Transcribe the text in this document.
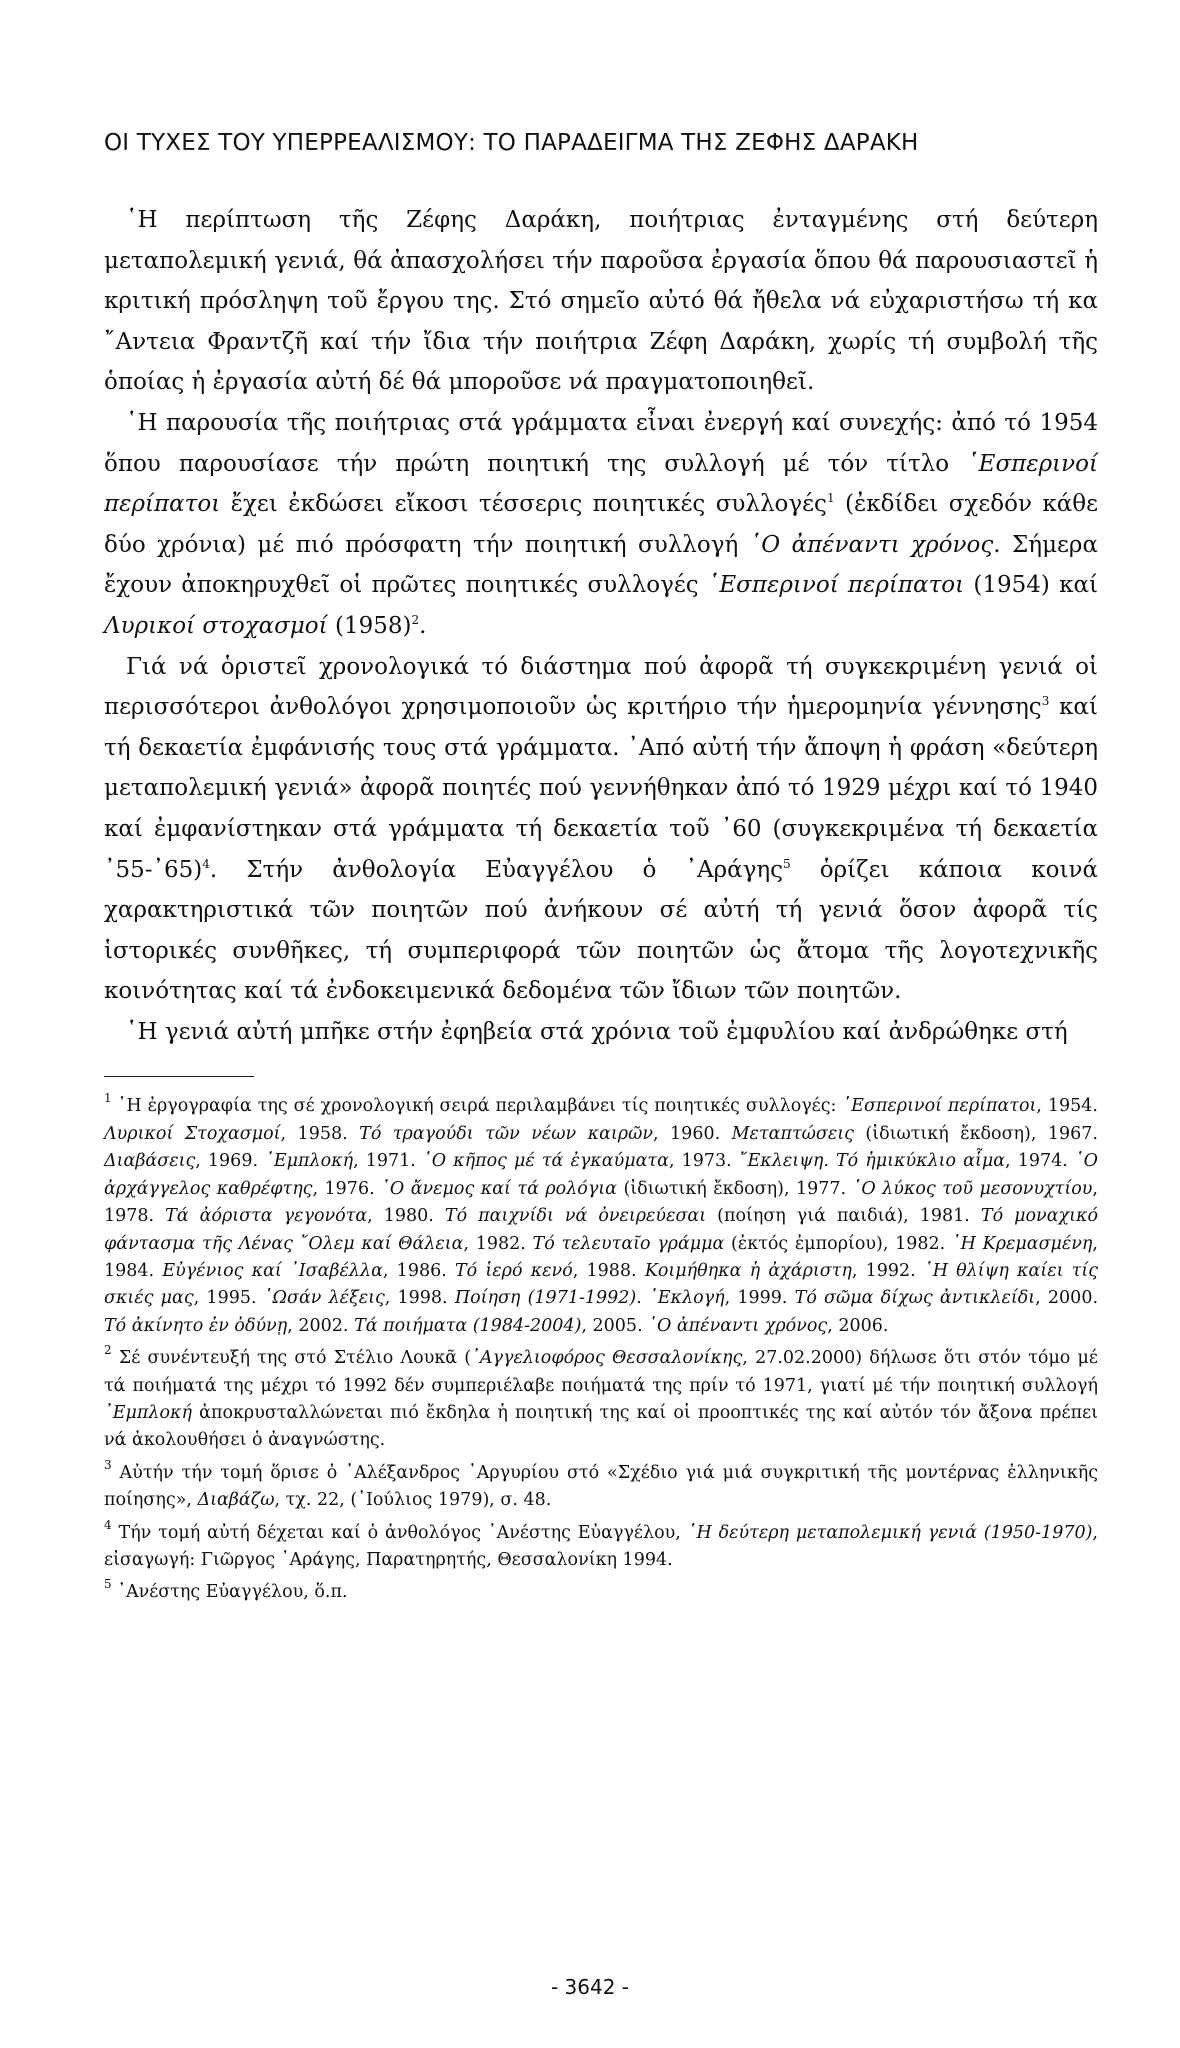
ΟΙ ΤΥΧΕΣ ΤΟΥ ΥΠΕΡΡΕΑΛΙΣΜΟΥ: ΤΟ ΠΑΡΑΔΕΙΓΜΑ ΤΗΣ ΖΕΦΗΣ ΔΑΡΑΚΗ

῾Η περίπτωση τῆς Ζέφης Δαράκη, ποιήτριας ἐνταγμένης στή δεύτερη μεταπολεμική γενιά, θά ἀπασχολήσει τήν παροῦσα ἐργασία ὅπου θά παρουσιαστεῖ ἡ κριτική πρόσληψη τοῦ ἔργου της. Στό σημεῖο αὐτό θά ἤθελα νά εὐχαριστήσω τή κα ῎Αντεια Φραντζῆ καί τήν ἴδια τήν ποιήτρια Ζέφη Δαράκη, χωρίς τή συμβολή τῆς ὁποίας ἡ ἐργασία αὐτή δέ θά μποροῦσε νά πραγματοποιηθεῖ.

῾Η παρουσία τῆς ποιήτριας στά γράμματα εἶναι ἐνεργή καί συνεχής: ἀπό τό 1954 ὅπου παρουσίασε τήν πρώτη ποιητική της συλλογή μέ τόν τίτλο ῾Εσπερινοί περίπατοι ἔχει ἐκδώσει εἴκοσι τέσσερις ποιητικές συλλογές$^1$ (ἐκδίδει σχεδόν κάθε δύο χρόνια) μέ πιό πρόσφατη τήν ποιητική συλλογή ῾Ο ἀπέναντι χρόνος. Σήμερα ἔχουν ἀποκηρυχθεῖ οἱ πρῶτες ποιητικές συλλογές ῾Εσπερινοί περίπατοι (1954) καί Λυρικοί στοχασμοί $(1958)^2$.

Γιά νά ὁριστεῖ χρονολογικά τό διάστημα πού ἀφορᾶ τή συγκεκριμένη γενιά οἱ περισσότεροι ἀνθολόγοι χρησιμοποιοῦν ὡς κριτήριο τήν ἡμερομηνία γέννησης$^3$ καί τή δεκαετία ἐμφάνισής τους στά γράμματα. ᾿Από αὐτή τήν ἄποψη ἡ φράση «δεύτερη μεταπολεμική γενιά» ἀφορᾶ ποιητές πού γεννήθηκαν ἀπό τό 1929 μέχρι καί τό 1940 καί ἐμφανίστηκαν στά γράμματα τή δεκαετία τοῦ ᾿60 (συγκεκριμένα τή δεκαετία ᾿55-᾿65)$^4$. Στήν ἀνθολογία Εὐαγγέλου ὁ ᾿Αράγης$^5$ ὁρίζει κάποια κοινά χαρακτηριστικά τῶν ποιητῶν πού ἀνήκουν σέ αὐτή τή γενιά ὅσον ἀφορᾶ τίς ἱστορικές συνθῆκες, τή συμπεριφορά τῶν ποιητῶν ὡς ἄτομα τῆς λογοτεχνικῆς κοινότητας καί τά ἐνδοκειμενικά δεδομένα τῶν ἴδιων τῶν ποιητῶν.

῾Η γενιά αὐτή μπῆκε στήν ἐφηβεία στά χρόνια τοῦ ἐμφυλίου καί ἀνδρώθηκε στή

$^1$ ῾Η ἐργογραφία της σέ χρονολογική σειρά περιλαμβάνει τίς ποιητικές συλλογές: ῾Εσπερινοί περίπατοι, 1954. Λυρικοί Στοχασμοί, 1958. Τό τραγούδι τῶν νέων καιρῶν, 1960. Μεταπτώσεις (ἰδιωτική ἔκδοση), 1967. Διαβάσεις, 1969. ᾿Εμπλοκή, 1971. ῾Ο κῆπος μέ τά ἐγκαύματα, 1973. ῎Εκλειψη. Τό ἡμικύκλιο αἷμα, 1974. ῾Ο ἀρχάγγελος καθρέφτης, 1976. ῾Ο ἄνεμος καί τά ρολόγια (ἰδιωτική ἔκδοση), 1977. ῾Ο λύκος τοῦ μεσονυχτίου, 1978. Τά ἀόριστα γεγονότα, 1980. Τό παιχνίδι νά ὀνειρεύεσαι (ποίηση γιά παιδιά), 1981. Τό μοναχικό φάντασμα τῆς Λένας ῎Ολεμ καί Θάλεια, 1982. Τό τελευταῖο γράμμα (ἐκτός ἐμπορίου), 1982. ῾Η Κρεμασμένη, 1984. Εὐγένιος καί ᾿Ισαβέλλα, 1986. Τό ἱερό κενό, 1988. Κοιμήθηκα ἡ ἀχάριστη, 1992. ῾Η θλίψη καίει τίς σκιές μας, 1995. ῾Ωσάν λέξεις, 1998. Ποίηση (1971-1992). ᾿Εκλογή, 1999. Τό σῶμα δίχως ἀντικλείδι, 2000. Τό ἀκίνητο ἐν ὀδύνῃ, 2002. Τά ποιήματα (1984-2004), 2005. ῾Ο ἀπέναντι χρόνος, 2006.

$^2$ Σέ συνέντευξή της στό Στέλιο Λουκᾶ (᾿Αγγελιοφόρος Θεσσαλονίκης, 27.02.2000) δήλωσε ὅτι στόν τόμο μέ τά ποιήματά της μέχρι τό 1992 δέν συμπεριέλαβε ποιήματά της πρίν τό 1971, γιατί μέ τήν ποιητική συλλογή ᾿Εμπλοκή ἀποκρυσταλλώνεται πιό ἔκδηλα ἡ ποιητική της καί οἱ προοπτικές της καί αὐτόν τόν ἄξονα πρέπει νά ἀκολουθήσει ὁ ἀναγνώστης.

$^3$ Αὐτήν τήν τομή ὅρισε ὁ ᾿Αλέξανδρος ᾿Αργυρίου στό «Σχέδιο γιά μιά συγκριτική τῆς μοντέρνας ἑλληνικῆς ποίησης», Διαβάζω, τχ. 22, (᾿Ιούλιος 1979), σ. 48.

$^4$ Τήν τομή αὐτή δέχεται καί ὁ ἀνθολόγος ᾿Ανέστης Εὐαγγέλου, ῾Η δεύτερη μεταπολεμική γενιά (1950-1970), εἰσαγωγή: Γιῶργος ᾿Αράγης, Παρατηρητής, Θεσσαλονίκη 1994.

$^5$ ᾿Ανέστης Εὐαγγέλου, ὅ.π.

- 3642 -
